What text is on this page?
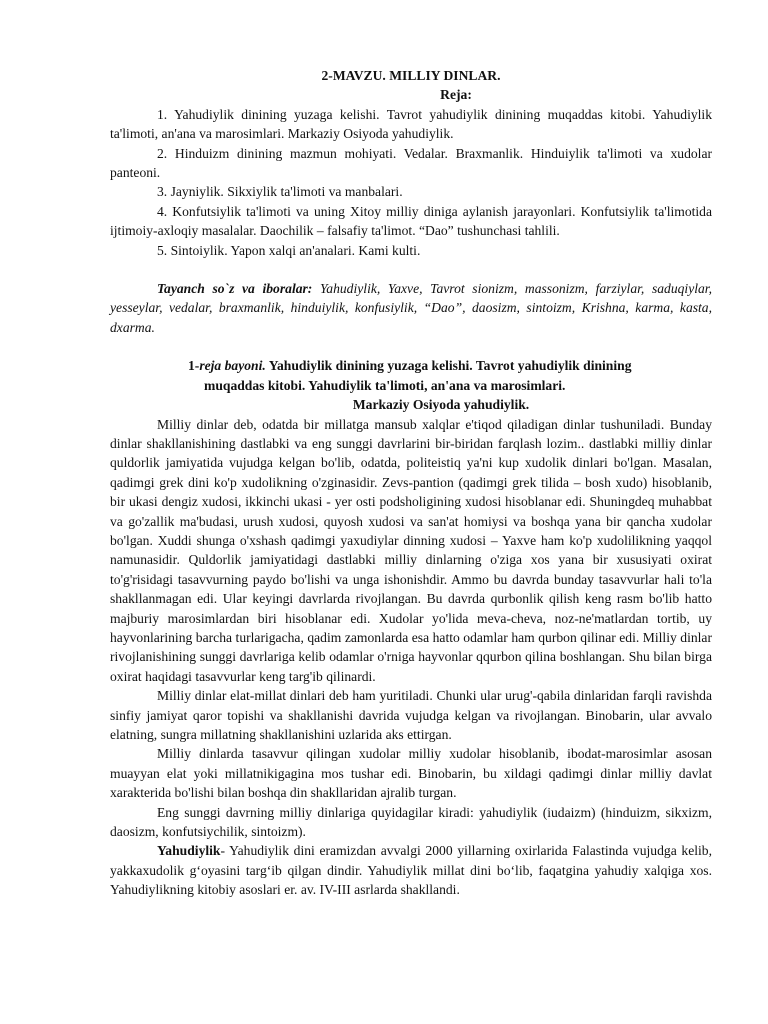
2-MAVZU. MILLIY DINLAR.

Reja:

1. Yahudiylik dinining yuzaga kelishi. Tavrot yahudiylik dinining muqaddas kitobi. Yahudiylik ta'limoti, an'ana va marosimlari. Markaziy Osiyoda yahudiylik.

2. Hinduizm dinining mazmun mohiyati. Vedalar. Braxmanlik. Hinduiylik ta'limoti va xudolar panteoni.

3. Jayniylik. Sikxiylik ta'limoti va manbalari.

4. Konfutsiylik ta'limoti va uning Xitoy milliy diniga aylanish jarayonlari. Konfutsiylik ta'limotida ijtimoiy-axloqiy masalalar. Daochilik – falsafiy ta'limot. “Dao” tushunchasi tahlili.

5. Sintoiylik. Yapon xalqi an'analari. Kami kulti.

Tayanch so`z va iboralar: Yahudiylik, Yaxve, Tavrot sionizm, massonizm, farziylar, saduqiylar, yesseylar, vedalar, braxmanlik, hinduiylik, konfusiylik, “Dao”, daosizm, sintoizm, Krishna, karma, kasta, dxarma.

1-reja bayoni. Yahudiylik dinining yuzaga kelishi. Tavrot yahudiylik dinining
muqaddas kitobi. Yahudiylik ta'limoti, an'ana va marosimlari.
Markaziy Osiyoda yahudiylik.

Milliy dinlar deb, odatda bir millatga mansub xalqlar e'tiqod qiladigan dinlar tushuniladi. Bunday dinlar shakllanishining dastlabki va eng sunggi davrlarini bir-biridan farqlash lozim.. dastlabki milliy dinlar quldorlik jamiyatida vujudga kelgan bo'lib, odatda, politeistiq ya'ni kup xudolik dinlari bo'lgan. Masalan, qadimgi grek dini ko'p xudolikning o'zginasidir. Zevs-pantion (qadimgi grek tilida – bosh xudo) hisoblanib, bir ukasi dengiz xudosi, ikkinchi ukasi - yer osti podsholigining xudosi hisoblanar edi. Shuningdeq muhabbat va go'zallik ma'budasi, urush xudosi, quyosh xudosi va san'at homiysi va boshqa yana bir qancha xudolar bo'lgan. Xuddi shunga o'xshash qadimgi yaxudiylar dinning xudosi – Yaxve ham ko'p xudolilikning yaqqol namunasidir. Quldorlik jamiyatidagi dastlabki milliy dinlarning o'ziga xos yana bir xususiyati oxirat to'g'risidagi tasavvurning paydo bo'lishi va unga ishonishdir. Ammo bu davrda bunday tasavvurlar hali to'la shakllanmagan edi. Ular keyingi davrlarda rivojlangan. Bu davrda qurbonlik qilish keng rasm bo'lib hatto majburiy marosimlardan biri hisoblanar edi. Xudolar yo'lida meva-cheva, noz-ne'matlardan tortib, uy hayvonlarining barcha turlarigacha, qadim zamonlarda esa hatto odamlar ham qurbon qilinar edi. Milliy dinlar rivojlanishining sunggi davrlariga kelib odamlar o'rniga hayvonlar qqurbon qilina boshlangan. Shu bilan birga oxirat haqidagi tasavvurlar keng targ'ib qilinardi.

Milliy dinlar elat-millat dinlari deb ham yuritiladi. Chunki ular urug'-qabila dinlaridan farqli ravishda sinfiy jamiyat qaror topishi va shakllanishi davrida vujudga kelgan va rivojlangan. Binobarin, ular avvalo elatning, sungra millatning shakllanishini uzlarida aks ettirgan.

Milliy dinlarda tasavvur qilingan xudolar milliy xudolar hisoblanib, ibodat-marosimlar asosan muayyan elat yoki millatnikigagina mos tushar edi. Binobarin, bu xildagi qadimgi dinlar milliy davlat xarakterida bo'lishi bilan boshqa din shakllaridan ajralib turgan.

Eng sunggi davrning milliy dinlariga quyidagilar kiradi: yahudiylik (iudaizm) (hinduizm, sikxizm, daosizm, konfutsiychilik, sintoizm).

Yahudiylik- Yahudiylik dini eramizdan avvalgi 2000 yillarning oxirlarida Falastinda vujudga kelib, yakkaxudolik g‘oyasini targ‘ib qilgan dindir. Yahudiylik millat dini bo‘lib, faqatgina yahudiy xalqiga xos. Yahudiylikning kitobiy asoslari er. av. IV-III asrlarda shakllandi.
